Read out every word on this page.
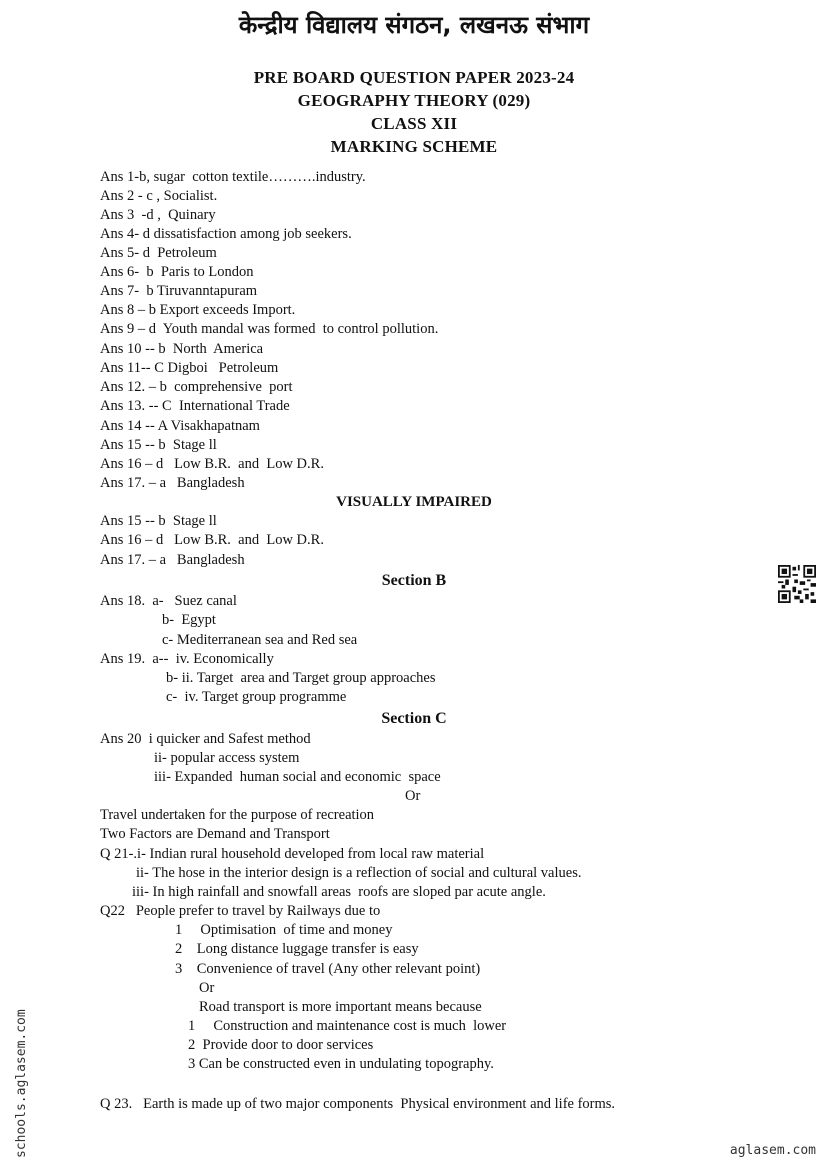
केन्द्रीय विद्यालय संगठन, लखनऊ संभाग
PRE BOARD QUESTION PAPER 2023-24
GEOGRAPHY THEORY (029)
CLASS XII
MARKING SCHEME
Ans 1-b, sugar  cotton textile……….industry.
Ans 2 - c , Socialist.
Ans 3  -d ,  Quinary
Ans 4- d dissatisfaction among job seekers.
Ans 5- d  Petroleum
Ans 6-  b  Paris to London
Ans 7-  b Tiruvanntapuram
Ans 8 – b Export exceeds Import.
Ans 9 – d  Youth mandal was formed  to control pollution.
Ans 10 -- b  North  America
Ans 11-- C Digboi   Petroleum
Ans 12. – b  comprehensive  port
Ans 13. -- C  International Trade
Ans 14 -- A Visakhapatnam
Ans 15 -- b  Stage ll
Ans 16 – d   Low B.R.  and  Low D.R.
Ans 17. – a   Bangladesh
VISUALLY IMPAIRED
Ans 15 -- b  Stage ll
Ans 16 – d   Low B.R.  and  Low D.R.
Ans 17. – a   Bangladesh
Section B
Ans 18.  a-   Suez canal
b-  Egypt
c- Mediterranean sea and Red sea
Ans 19.  a--  iv. Economically
b- ii. Target  area and Target group approaches
c-  iv. Target group programme
Section C
Ans 20  i quicker and Safest method
ii- popular access system
iii- Expanded  human social and economic  space
Or
Travel undertaken for the purpose of recreation
Two Factors are Demand and Transport
Q 21-.i- Indian rural household developed from local raw material
ii- The hose in the interior design is a reflection of social and cultural values.
iii- In high rainfall and snowfall areas  roofs are sloped par acute angle.
Q22   People prefer to travel by Railways due to
1     Optimisation  of time and money
2    Long distance luggage transfer is easy
3    Convenience of travel (Any other relevant point)
Or
Road transport is more important means because
1     Construction and maintenance cost is much  lower
2  Provide door to door services
3 Can be constructed even in undulating topography.
Q 23.   Earth is made up of two major components  Physical environment and life forms.
schools.aglasem.com	aglasem.com
